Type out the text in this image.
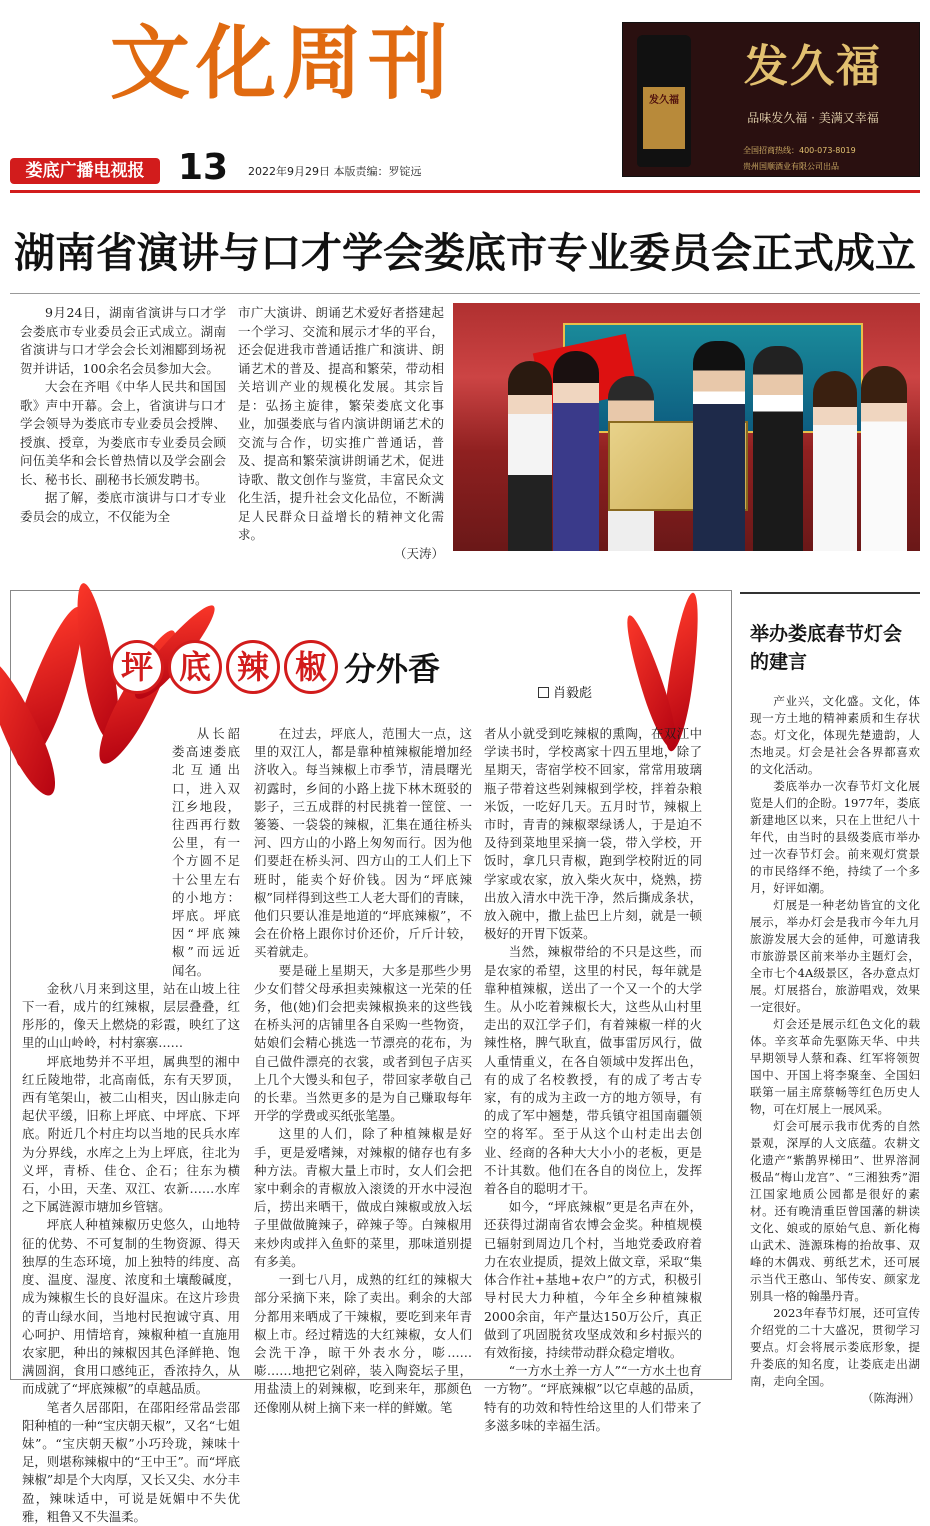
文化周刊	发久福
发久福
品味发久福 · 美满又幸福
全国招商热线：400-073-8019
贵州国顺酒业有限公司出品
娄底广播电视报 13 2022年9月29日 本版责编：罗锭远
湖南省演讲与口才学会娄底市专业委员会正式成立

9月24日，湖南省演讲与口才学会娄底市专业委员会正式成立。湖南省演讲与口才学会会长刘湘郾到场祝贺并讲话，100余名会员参加大会。

大会在齐唱《中华人民共和国国歌》声中开幕。会上，省演讲与口才学会领导为娄底市专业委员会授牌、授旗、授章，为娄底市专业委员会顾问伍美华和会长曾热情以及学会副会长、秘书长、副秘书长颁发聘书。

据了解，娄底市演讲与口才专业委员会的成立，不仅能为全

市广大演讲、朗诵艺术爱好者搭建起一个学习、交流和展示才华的平台，还会促进我市普通话推广和演讲、朗诵艺术的普及、提高和繁荣，带动相关培训产业的规模化发展。其宗旨是：弘扬主旋律，繁荣娄底文化事业，加强娄底与省内演讲朗诵艺术的交流与合作，切实推广普通话，普及、提高和繁荣演讲朗诵艺术，促进诗歌、散文创作与鉴赏，丰富民众文化生活，提升社会文化品位，不断满足人民群众日益增长的精神文化需求。

（天涛）

坪 底 辣 椒 分外香
肖毅彪

从长韶娄高速娄底北互通出口，进入双江乡地段，往西再行数公里，有一个方圆不足十公里左右的小地方：坪底。坪底因“坪底辣椒”而远近闻名。

金秋八月来到这里，站在山坡上往下一看，成片的红辣椒，层层叠叠，红彤彤的，像天上燃烧的彩霞，映红了这里的山山岭岭，村村寨寨……

坪底地势并不平坦，属典型的湘中红丘陵地带，北高南低，东有天罗顶，西有笔架山，被二山相夹，因山脉走向起伏平缓，旧称上坪底、中坪底、下坪底。附近几个村庄均以当地的民兵水库为分界线，水库之上为上坪底，往北为义坪，青桥、佳仓、企石；往东为横石，小田，天垄、双江、农新……水库之下属涟源市塘加乡管辖。

坪底人种植辣椒历史悠久，山地特征的优势、不可复制的生物资源、得天独厚的生态环境，加上独特的纬度、高度、温度、湿度、浓度和土壤酸碱度，成为辣椒生长的良好温床。在这片珍贵的青山绿水间，当地村民抱诚守真、用心呵护、用情培育，辣椒种植一直施用农家肥，种出的辣椒因其色泽鲜艳、饱满圆润，食用口感纯正，香浓持久，从而成就了“坪底辣椒”的卓越品质。

笔者久居邵阳，在邵阳经常品尝邵阳种植的一种“宝庆朝天椒”，又名“七姐妹”。“宝庆朝天椒”小巧玲珑，辣味十足，则堪称辣椒中的“王中王”。而“坪底辣椒”却是个大肉厚，又长又尖、水分丰盈，辣味适中，可说是妩媚中不失优雅，粗鲁又不失温柔。

在过去，坪底人，范围大一点，这里的双江人，都是靠种植辣椒能增加经济收入。每当辣椒上市季节，清晨曙光初露时，乡间的小路上拢下林木斑驳的影子，三五成群的村民挑着一筐筐、一篓篓、一袋袋的辣椒，汇集在通往桥头河、四方山的小路上匆匆而行。因为他们要赶在桥头河、四方山的工人们上下班时，能卖个好价钱。因为“坪底辣椒”同样得到这些工人老大哥们的青睐，他们只要认准是地道的“坪底辣椒”，不会在价格上跟你讨价还价，斤斤计较，买着就走。

要是碰上星期天，大多是那些少男少女们替父母承担卖辣椒这一光荣的任务，他(她)们会把卖辣椒换来的这些钱在桥头河的店铺里各自采购一些物资，姑娘们会精心挑选一节漂亮的花布，为自己做件漂亮的衣裳，或者到包子店买上几个大馒头和包子，带回家孝敬自己的长辈。当然更多的是为自己赚取每年开学的学费或买纸张笔墨。

这里的人们，除了种植辣椒是好手，更是爱嗜辣，对辣椒的储存也有多种方法。青椒大量上市时，女人们会把家中剩余的青椒放入滚烫的开水中浸泡后，捞出来晒干，做成白辣椒或放入坛子里做做腌辣子，碎辣子等。白辣椒用来炒肉或拌入鱼虾的菜里，那味道别提有多美。

一到七八月，成熟的红红的辣椒大部分采摘下来，除了卖出。剩余的大部分都用来晒成了干辣椒，要吃到来年青椒上市。经过精选的大红辣椒，女人们会洗干净，晾干外表水分，嘭……嘭……地把它剁碎，装入陶瓷坛子里，用盐渍上的剁辣椒，吃到来年，那颜色还像刚从树上摘下来一样的鲜嫩。笔

者从小就受到吃辣椒的熏陶，在双江中学读书时，学校离家十四五里地，除了星期天，寄宿学校不回家，常常用玻璃瓶子带着这些剁辣椒到学校，拌着杂粮米饭，一吃好几天。五月时节，辣椒上市时，青青的辣椒翠绿诱人，于是迫不及待到菜地里采摘一袋，带入学校，开饭时，拿几只青椒，跑到学校附近的同学家或农家，放入柴火灰中，烧熟，捞出放入清水中洗干净，然后撕成条状，放入碗中，撒上盐巴上片刻，就是一顿极好的开胃下饭菜。

当然，辣椒带给的不只是这些，而是农家的希望，这里的村民，每年就是靠种植辣椒，送出了一个又一个的大学生。从小吃着辣椒长大，这些从山村里走出的双江学子们，有着辣椒一样的火辣性格，脾气耿直，做事雷厉风行，做人重情重义，在各自领域中发挥出色，有的成了名校教授，有的成了考古专家，有的成为主政一方的地方领导，有的成了军中翘楚，带兵镇守祖国南疆领空的将军。至于从这个山村走出去创业、经商的各种大大小小的老板，更是不计其数。他们在各自的岗位上，发挥着各自的聪明才干。

如今，“坪底辣椒”更是名声在外，还获得过湖南省农博会金奖。种植规模已辐射到周边几个村，当地党委政府着力在农业提质，提效上做文章，采取“集体合作社+基地+农户”的方式，积极引导村民大力种植，今年全乡种植辣椒2000余亩，年产量达150万公斤，真正做到了巩固脱贫攻坚成效和乡村振兴的有效衔接，持续带动群众稳定增收。

“一方水土养一方人”“一方水土也育一方物”。“坪底辣椒”以它卓越的品质，特有的功效和特性给这里的人们带来了多滋多味的幸福生活。

举办娄底春节灯会的建言

产业兴，文化盛。文化，体现一方土地的精神素质和生存状态。灯文化，体现先楚遗韵，人杰地灵。灯会是社会各界都喜欢的文化活动。

娄底举办一次春节灯文化展览是人们的企盼。1977年，娄底新建地区以来，只在上世纪八十年代，由当时的县级娄底市举办过一次春节灯会。前来观灯赏景的市民络绎不绝，持续了一个多月，好评如潮。

灯展是一种老幼皆宜的文化展示，举办灯会是我市今年九月旅游发展大会的延伸，可邀请我市旅游景区前来举办主题灯会，全市七个4A级景区，各办意点灯展。灯展搭台，旅游唱戏，效果一定很好。

灯会还是展示红色文化的载体。辛亥革命先驱陈天华、中共早期领导人蔡和森、红军将领贺国中、开国上将李聚奎、全国妇联第一届主席蔡畅等红色历史人物，可在灯展上一展风采。

灯会可展示我市优秀的自然景观，深厚的人文底蕴。农耕文化遗产“紫鹊界梯田”、世界溶洞极品“梅山龙宫”、“三湘独秀”湄江国家地质公园都是很好的素材。还有晚清重臣曾国藩的耕读文化、娘或的原始气息、新化梅山武术、涟源珠梅的抬故事、双峰的木偶戏、剪纸艺术，还可展示当代王憨山、邹传安、颜家龙别具一格的翰墨丹青。

2023年春节灯展，还可宣传介绍党的二十大盛况，贯彻学习要点。灯会将展示娄底形象，提升娄底的知名度，让娄底走出湖南，走向全国。

（陈海洲）
